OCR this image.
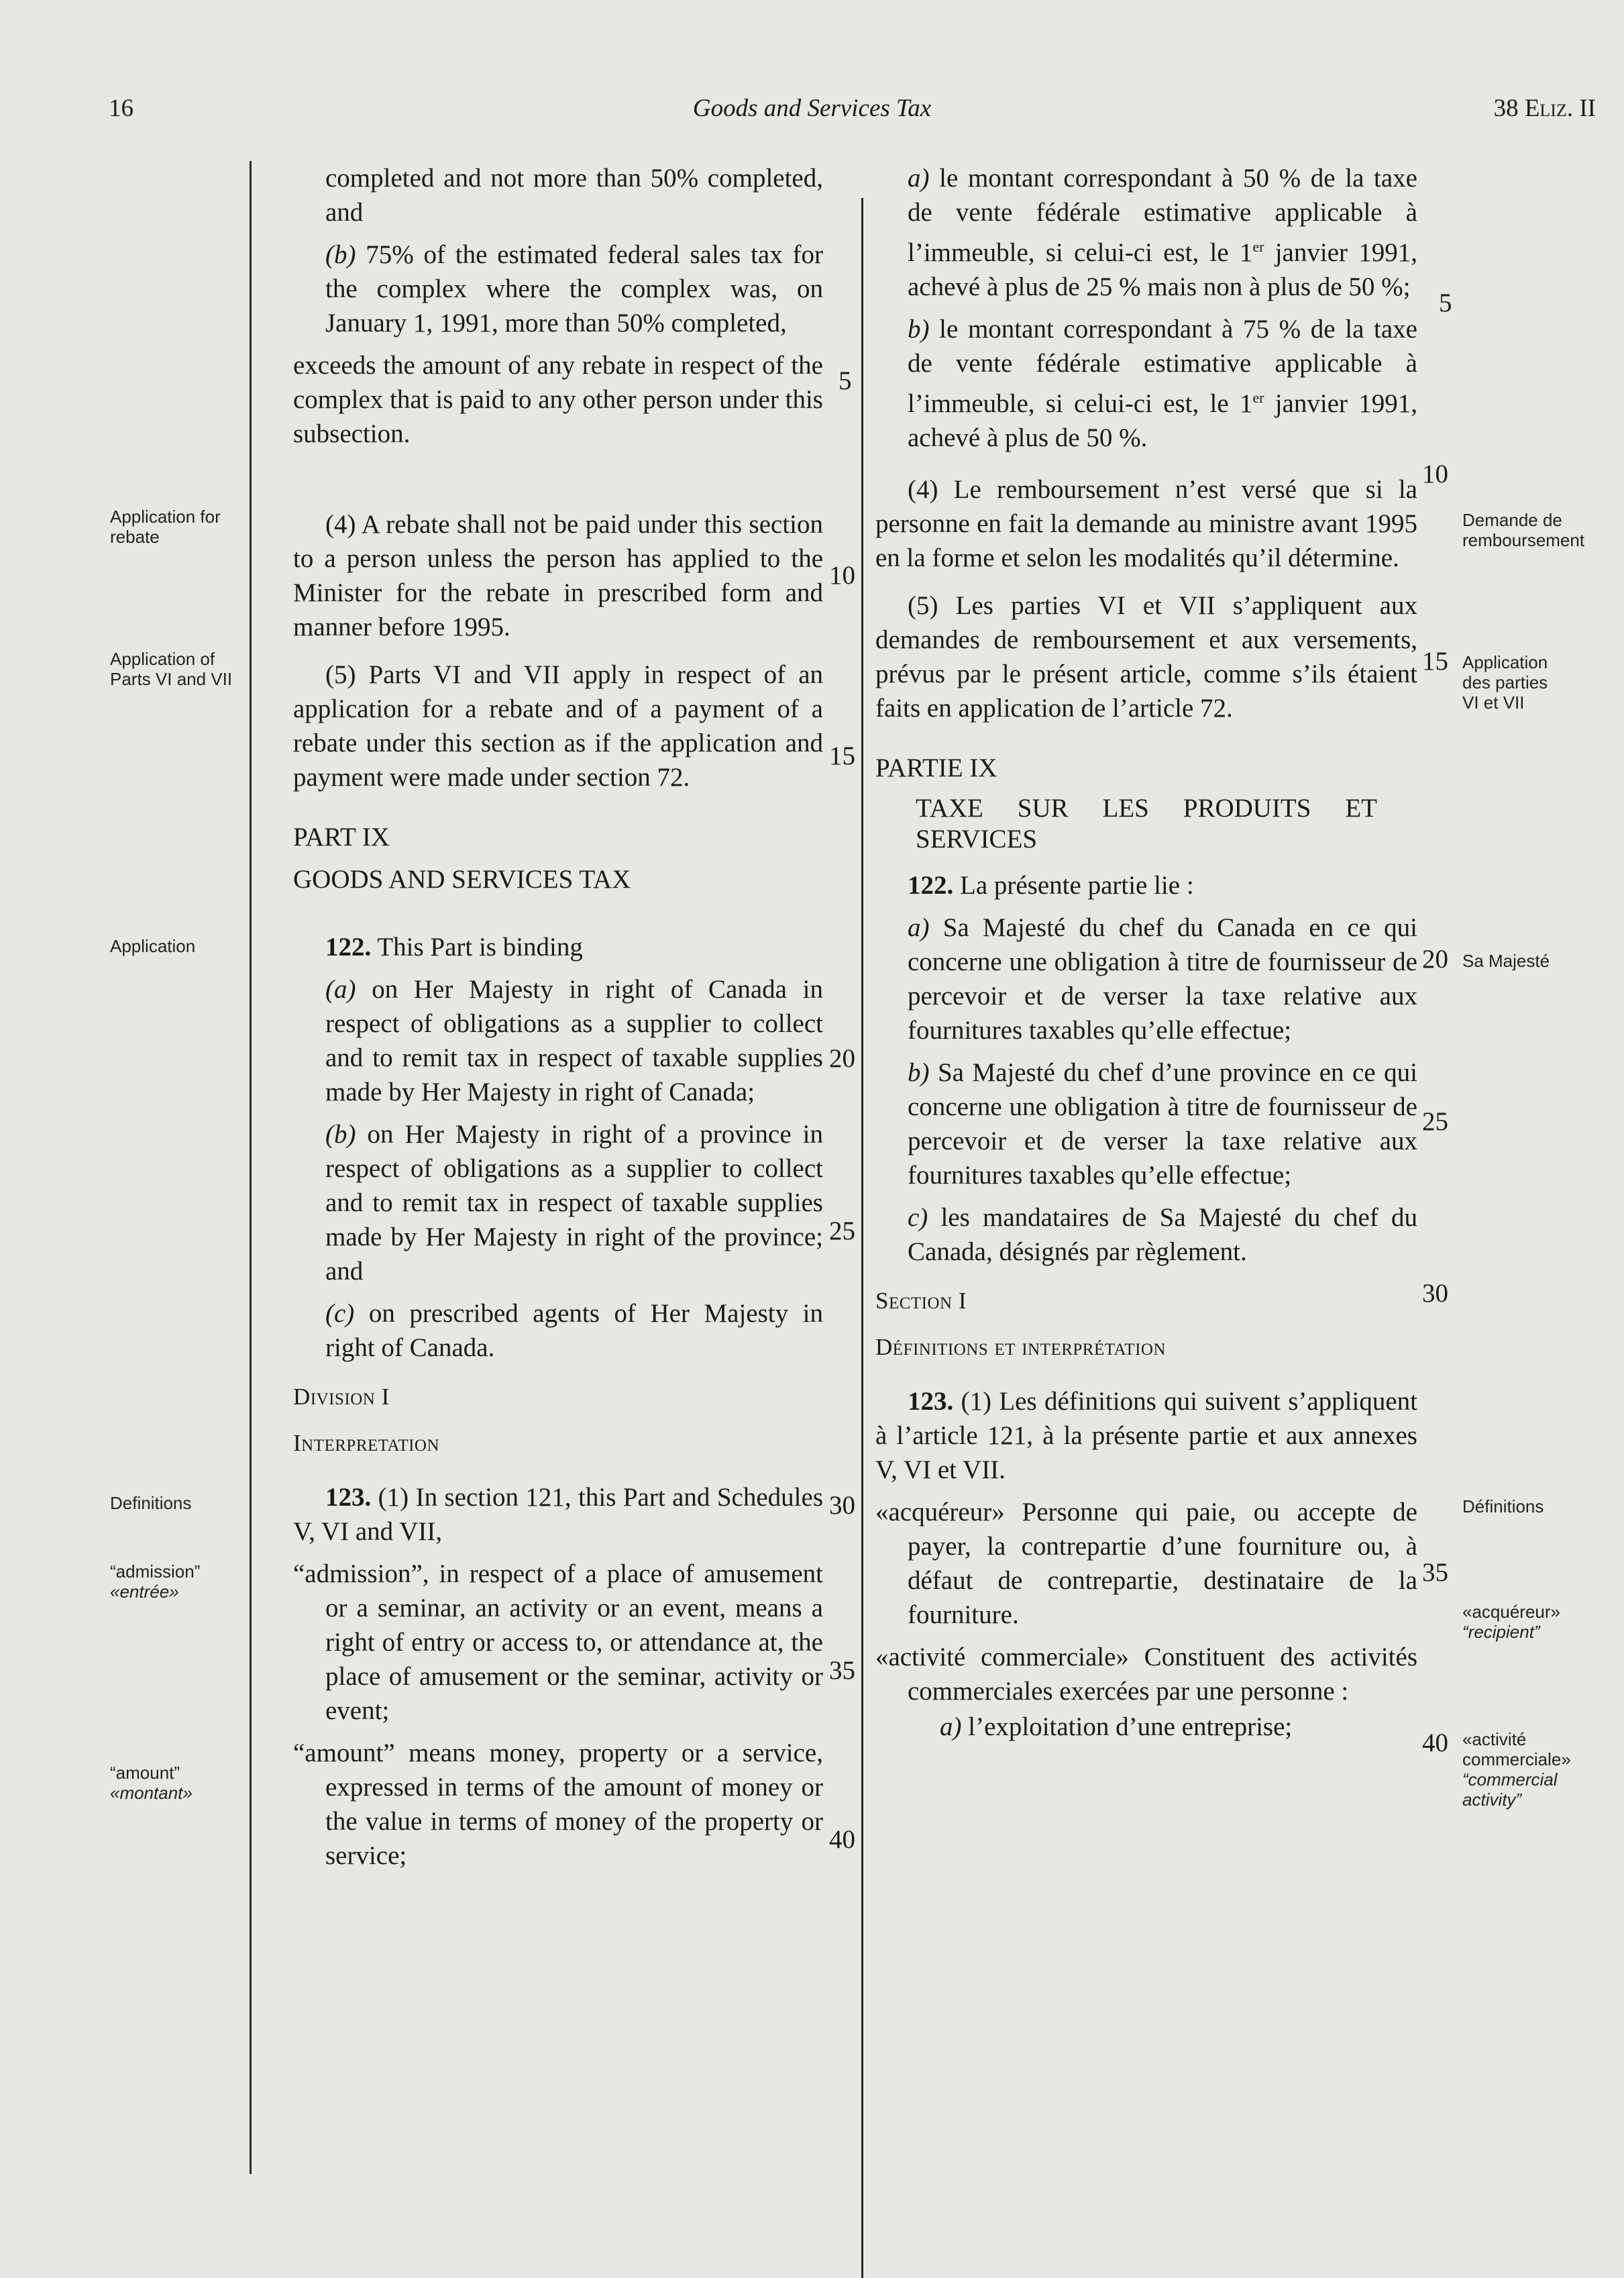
16	Goods and Services Tax	38 Eliz. II
Application for rebate
Application of Parts VI and VII
Application
Definitions
“admission”
«entrée»
“amount”
«montant»
Demande de remboursement
Application des parties VI et VII
Sa Majesté
Définitions
«acquéreur»
“recipient”
«activité commerciale»
“commercial activity”
5
10
15
20
25
30
35
40
5
10
15
20
25
30
35
40

completed and not more than 50% completed, and

(b) 75% of the estimated federal sales tax for the complex where the complex was, on January 1, 1991, more than 50% completed,

exceeds the amount of any rebate in respect of the complex that is paid to any other person under this subsection.

(4) A rebate shall not be paid under this section to a person unless the person has applied to the Minister for the rebate in prescribed form and manner before 1995.

(5) Parts VI and VII apply in respect of an application for a rebate and of a payment of a rebate under this section as if the application and payment were made under section 72.

PART IX

GOODS AND SERVICES TAX

122. This Part is binding

(a) on Her Majesty in right of Canada in respect of obligations as a supplier to collect and to remit tax in respect of taxable supplies made by Her Majesty in right of Canada;

(b) on Her Majesty in right of a province in respect of obligations as a supplier to collect and to remit tax in respect of taxable supplies made by Her Majesty in right of the province; and

(c) on prescribed agents of Her Majesty in right of Canada.

Division I

Interpretation

123. (1) In section 121, this Part and Schedules V, VI and VII,

“admission”, in respect of a place of amusement or a seminar, an activity or an event, means a right of entry or access to, or attendance at, the place of amusement or the seminar, activity or event;

“amount” means money, property or a service, expressed in terms of the amount of money or the value in terms of money of the property or service;

a) le montant correspondant à 50 % de la taxe de vente fédérale estimative applicable à l’immeuble, si celui-ci est, le 1er janvier 1991, achevé à plus de 25 % mais non à plus de 50 %;

b) le montant correspondant à 75 % de la taxe de vente fédérale estimative applicable à l’immeuble, si celui-ci est, le 1er janvier 1991, achevé à plus de 50 %.

(4) Le remboursement n’est versé que si la personne en fait la demande au ministre avant 1995 en la forme et selon les modalités qu’il détermine.

(5) Les parties VI et VII s’appliquent aux demandes de remboursement et aux versements, prévus par le présent article, comme s’ils étaient faits en application de l’article 72.

PARTIE IX

TAXE SUR LES PRODUITS ET SERVICES

122. La présente partie lie :

a) Sa Majesté du chef du Canada en ce qui concerne une obligation à titre de fournisseur de percevoir et de verser la taxe relative aux fournitures taxables qu’elle effectue;

b) Sa Majesté du chef d’une province en ce qui concerne une obligation à titre de fournisseur de percevoir et de verser la taxe relative aux fournitures taxables qu’elle effectue;

c) les mandataires de Sa Majesté du chef du Canada, désignés par règlement.

Section I

Définitions et interprétation

123. (1) Les définitions qui suivent s’appliquent à l’article 121, à la présente partie et aux annexes V, VI et VII.

«acquéreur» Personne qui paie, ou accepte de payer, la contrepartie d’une fourniture ou, à défaut de contrepartie, destinataire de la fourniture.

«activité commerciale» Constituent des activités commerciales exercées par une personne :

a) l’exploitation d’une entreprise;
